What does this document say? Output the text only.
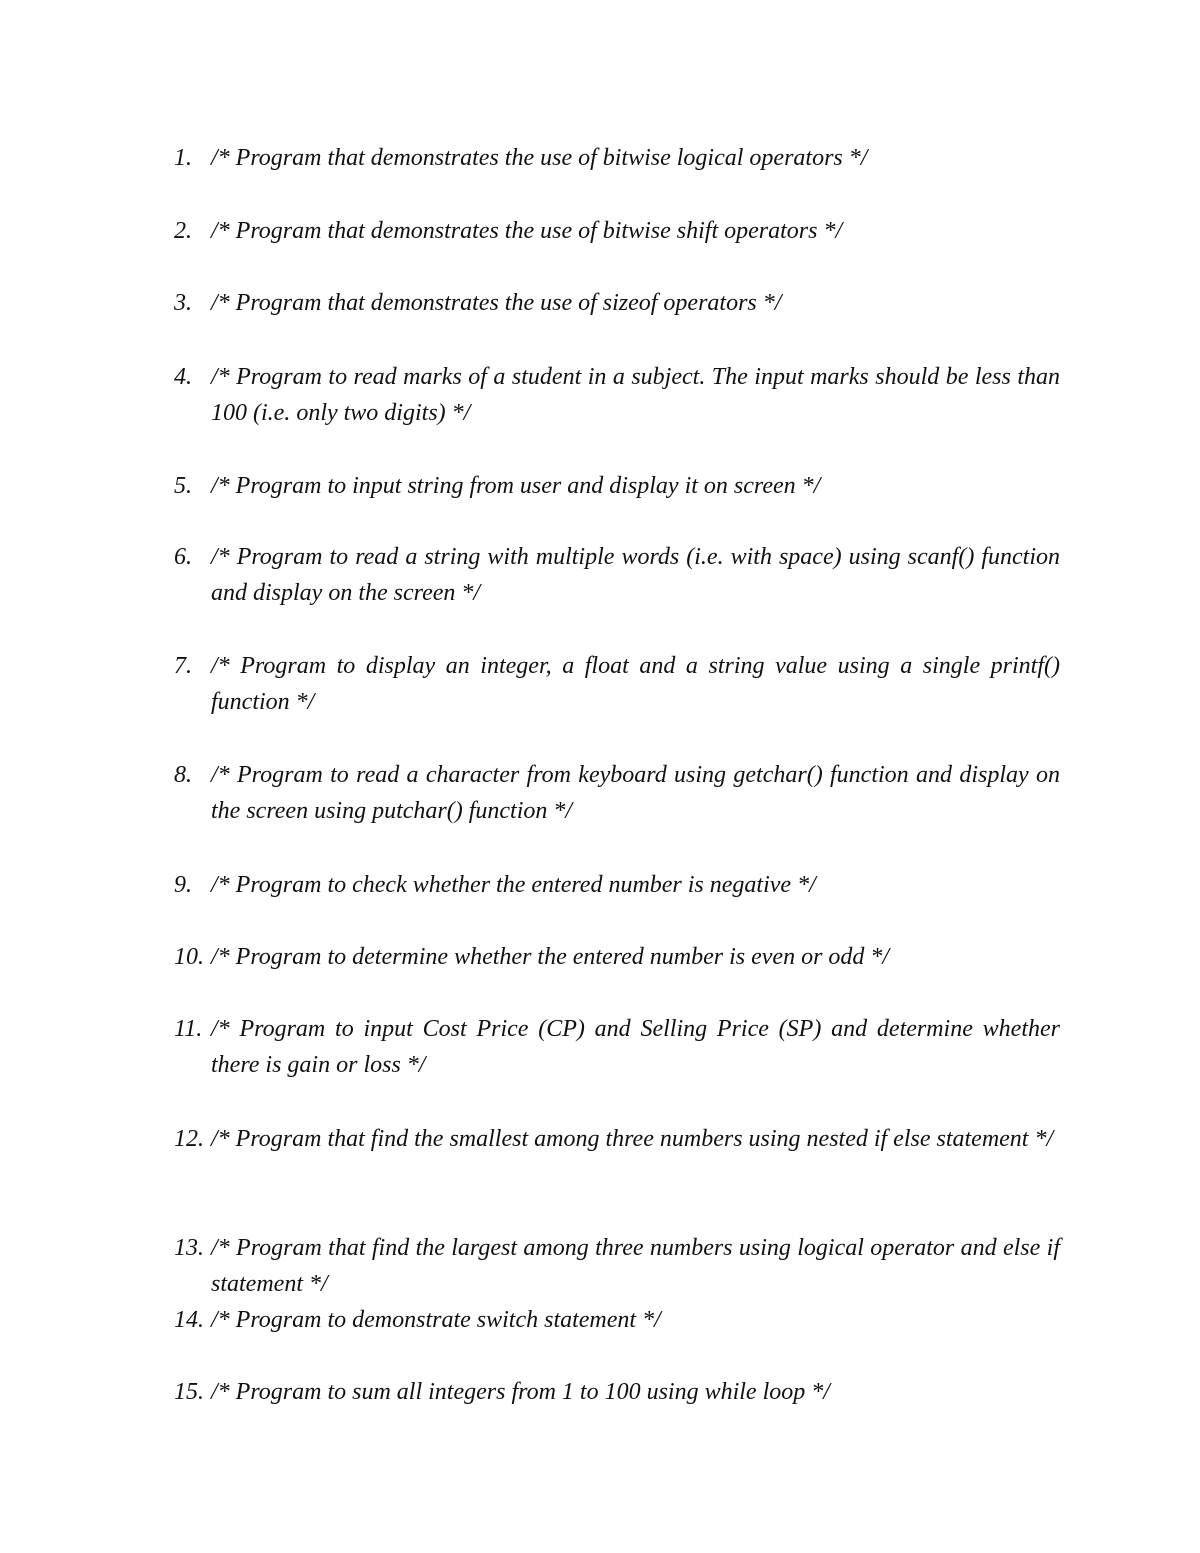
1. /* Program that demonstrates the use of bitwise logical operators */
2. /* Program that demonstrates the use of bitwise shift operators */
3. /* Program that demonstrates the use of sizeof operators */
4. /* Program to read marks of a student in a subject. The input marks should be less than 100 (i.e. only two digits) */
5. /* Program to input string from user and display it on screen */
6. /* Program to read a string with multiple words (i.e. with space) using scanf() function and display on the screen */
7. /* Program to display an integer, a float and a string value using a single printf() function */
8. /* Program to read a character from keyboard using getchar() function and display on the screen using putchar() function */
9. /* Program to check whether the entered number is negative */
10. /* Program to determine whether the entered number is even or odd */
11. /* Program to input Cost Price (CP) and Selling Price (SP) and determine whether there is gain or loss */
12. /* Program that find the smallest among three numbers using nested if else statement */
13. /* Program that find the largest among three numbers using logical operator and else if statement */
14. /* Program to demonstrate switch statement */
15. /* Program to sum all integers from 1 to 100 using while loop */
